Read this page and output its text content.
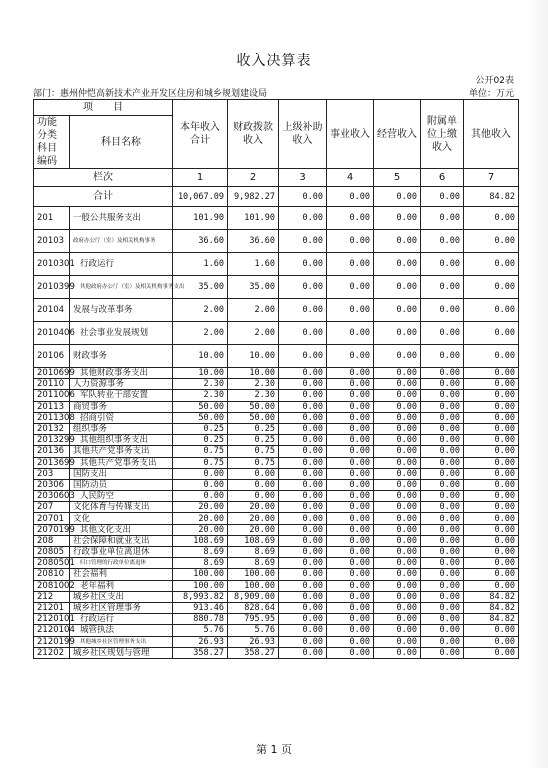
收入决算表
公开02表
部门：惠州仲恺高新技术产业开发区住房和城乡规划建设局	单位：万元
项　　目		本年收入合计	财政拨款收入	上级补助收入	事业收入	经营收入	附属单位上缴收入	其他收入
功能分类科目编码	科目名称							
栏次		1	2	3	4	5	6	7
合计		10,067.09	9,982.27	0.00	0.00	0.00	0.00	84.82
201	一般公共服务支出	101.90	101.90	0.00	0.00	0.00	0.00	0.00
20103	政府办公厅（室）及相关机构事务	36.60	36.60	0.00	0.00	0.00	0.00	0.00
2010301	行政运行	1.60	1.60	0.00	0.00	0.00	0.00	0.00
2010399	其他政府办公厅（室）及相关机构事务支出	35.00	35.00	0.00	0.00	0.00	0.00	0.00
20104	发展与改革事务	2.00	2.00	0.00	0.00	0.00	0.00	0.00
2010406	社会事业发展规划	2.00	2.00	0.00	0.00	0.00	0.00	0.00
20106	财政事务	10.00	10.00	0.00	0.00	0.00	0.00	0.00
2010699	其他财政事务支出	10.00	10.00	0.00	0.00	0.00	0.00	0.00
20110	人力资源事务	2.30	2.30	0.00	0.00	0.00	0.00	0.00
2011006	军队转业干部安置	2.30	2.30	0.00	0.00	0.00	0.00	0.00
20113	商贸事务	50.00	50.00	0.00	0.00	0.00	0.00	0.00
2011308	招商引资	50.00	50.00	0.00	0.00	0.00	0.00	0.00
20132	组织事务	0.25	0.25	0.00	0.00	0.00	0.00	0.00
2013299	其他组织事务支出	0.25	0.25	0.00	0.00	0.00	0.00	0.00
20136	其他共产党事务支出	0.75	0.75	0.00	0.00	0.00	0.00	0.00
2013699	其他共产党事务支出	0.75	0.75	0.00	0.00	0.00	0.00	0.00
203	国防支出	0.00	0.00	0.00	0.00	0.00	0.00	0.00
20306	国防动员	0.00	0.00	0.00	0.00	0.00	0.00	0.00
2030603	人民防空	0.00	0.00	0.00	0.00	0.00	0.00	0.00
207	文化体育与传媒支出	20.00	20.00	0.00	0.00	0.00	0.00	0.00
20701	文化	20.00	20.00	0.00	0.00	0.00	0.00	0.00
2070199	其他文化支出	20.00	20.00	0.00	0.00	0.00	0.00	0.00
208	社会保障和就业支出	108.69	108.69	0.00	0.00	0.00	0.00	0.00
20805	行政事业单位离退休	8.69	8.69	0.00	0.00	0.00	0.00	0.00
2080501	归口管理的行政单位离退休	8.69	8.69	0.00	0.00	0.00	0.00	0.00
20810	社会福利	100.00	100.00	0.00	0.00	0.00	0.00	0.00
2081002	老年福利	100.00	100.00	0.00	0.00	0.00	0.00	0.00
212	城乡社区支出	8,993.82	8,909.00	0.00	0.00	0.00	0.00	84.82
21201	城乡社区管理事务	913.46	828.64	0.00	0.00	0.00	0.00	84.82
2120101	行政运行	880.78	795.95	0.00	0.00	0.00	0.00	84.82
2120104	城管执法	5.76	5.76	0.00	0.00	0.00	0.00	0.00
2120199	其他城乡社区管理事务支出	26.93	26.93	0.00	0.00	0.00	0.00	0.00
21202	城乡社区规划与管理	358.27	358.27	0.00	0.00	0.00	0.00	0.00
第 1 页
